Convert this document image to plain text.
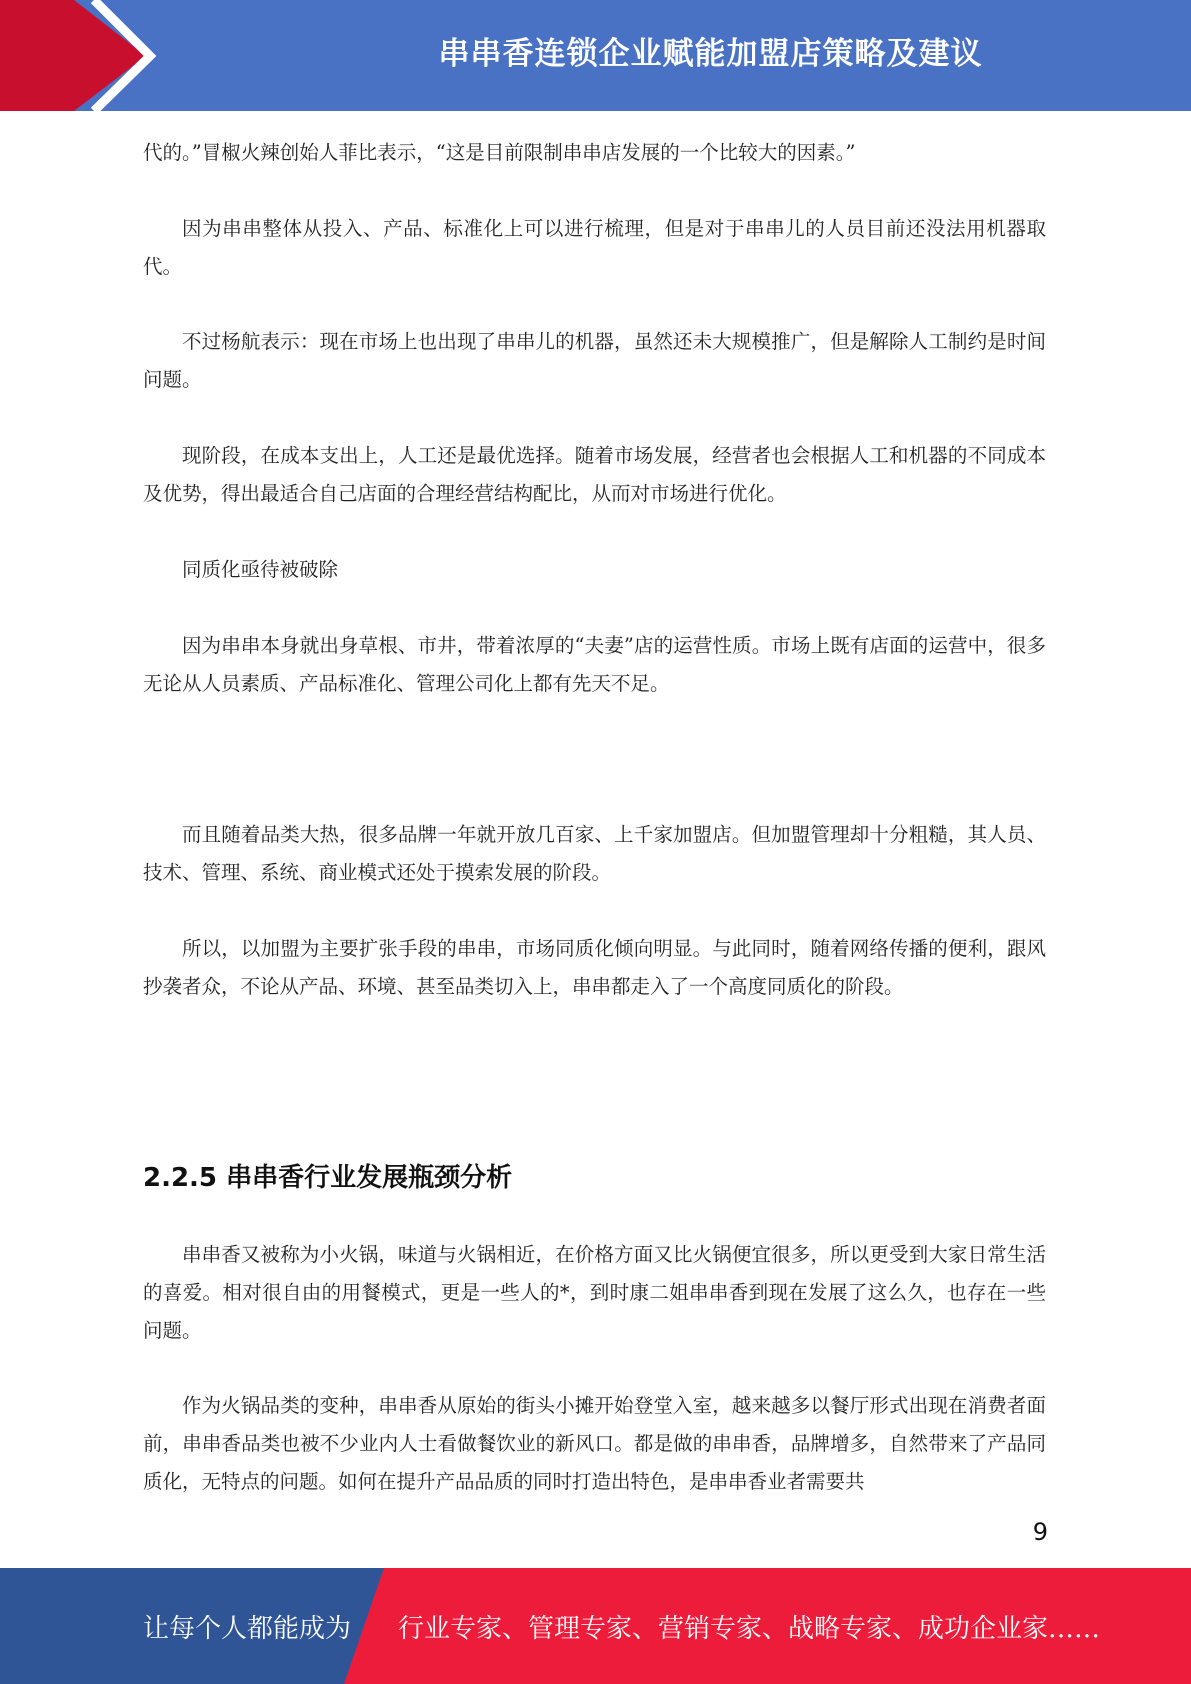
串串香连锁企业赋能加盟店策略及建议

代的。”冒椒火辣创始人菲比表示，“这是目前限制串串店发展的一个比较大的因素。”

因为串串整体从投入、产品、标准化上可以进行梳理，但是对于串串儿的人员目前还没法用机器取代。

不过杨航表示：现在市场上也出现了串串儿的机器，虽然还未大规模推广，但是解除人工制约是时间问题。

现阶段，在成本支出上，人工还是最优选择。随着市场发展，经营者也会根据人工和机器的不同成本及优势，得出最适合自己店面的合理经营结构配比，从而对市场进行优化。

同质化亟待被破除

因为串串本身就出身草根、市井，带着浓厚的“夫妻”店的运营性质。市场上既有店面的运营中，很多无论从人员素质、产品标准化、管理公司化上都有先天不足。

而且随着品类大热，很多品牌一年就开放几百家、上千家加盟店。但加盟管理却十分粗糙，其人员、技术、管理、系统、商业模式还处于摸索发展的阶段。

所以，以加盟为主要扩张手段的串串，市场同质化倾向明显。与此同时，随着网络传播的便利，跟风抄袭者众，不论从产品、环境、甚至品类切入上，串串都走入了一个高度同质化的阶段。

2.2.5 串串香行业发展瓶颈分析

串串香又被称为小火锅，味道与火锅相近，在价格方面又比火锅便宜很多，所以更受到大家日常生活的喜爱。相对很自由的用餐模式，更是一些人的*，到时康二姐串串香到现在发展了这么久，也存在一些问题。

作为火锅品类的变种，串串香从原始的街头小摊开始登堂入室，越来越多以餐厅形式出现在消费者面前，串串香品类也被不少业内人士看做餐饮业的新风口。都是做的串串香，品牌增多，自然带来了产品同质化，无特点的问题。如何在提升产品品质的同时打造出特色，是串串香业者需要共

9
让每个人都能成为 行业专家、管理专家、营销专家、战略专家、成功企业家……
